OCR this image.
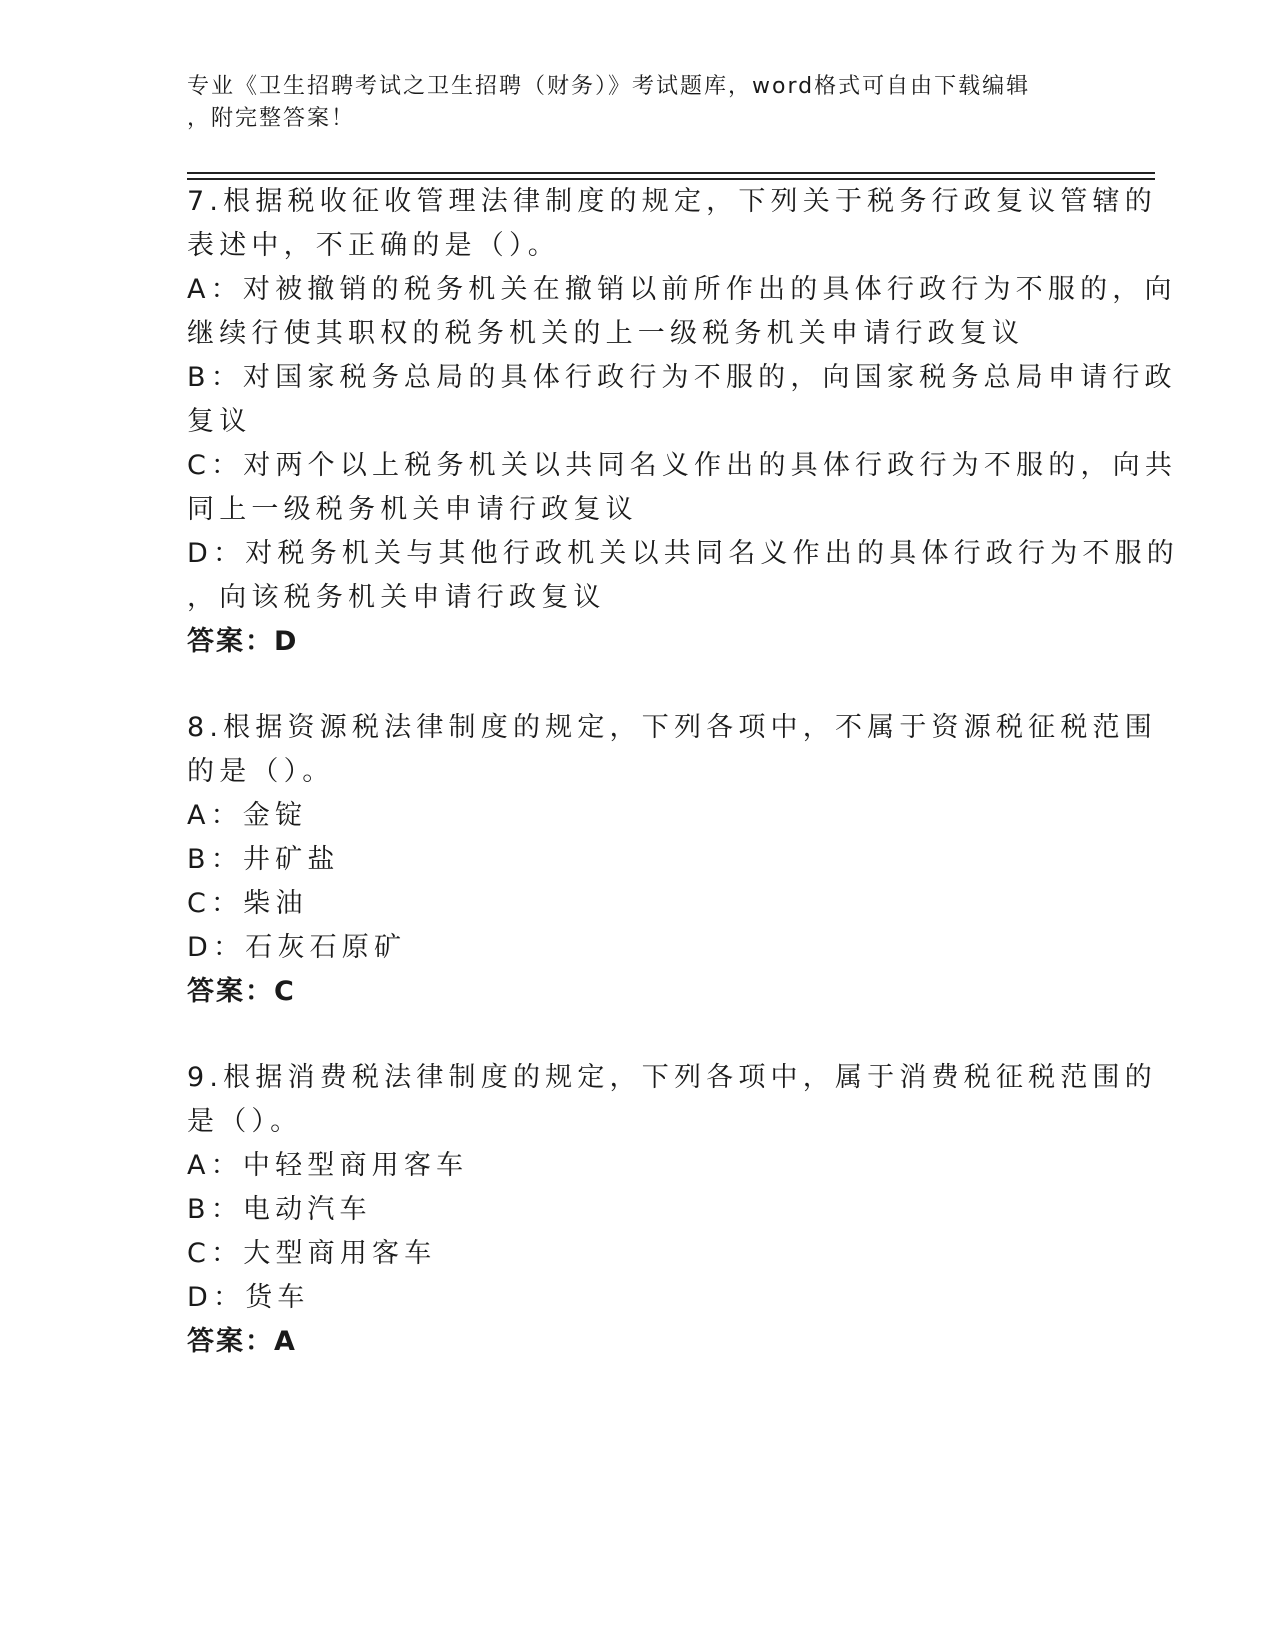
专业《卫生招聘考试之卫生招聘（财务）》考试题库，word格式可自由下载编辑
，附完整答案！
7.根据税收征收管理法律制度的规定，下列关于税务行政复议管辖的
表述中，不正确的是（）。
A：对被撤销的税务机关在撤销以前所作出的具体行政行为不服的，向
继续行使其职权的税务机关的上一级税务机关申请行政复议
B：对国家税务总局的具体行政行为不服的，向国家税务总局申请行政
复议
C：对两个以上税务机关以共同名义作出的具体行政行为不服的，向共
同上一级税务机关申请行政复议
D：对税务机关与其他行政机关以共同名义作出的具体行政行为不服的
，向该税务机关申请行政复议
答案：D
8.根据资源税法律制度的规定，下列各项中，不属于资源税征税范围
的是（）。
A：金锭
B：井矿盐
C：柴油
D：石灰石原矿
答案：C
9.根据消费税法律制度的规定，下列各项中，属于消费税征税范围的
是（）。
A：中轻型商用客车
B：电动汽车
C：大型商用客车
D：货车
答案：A
